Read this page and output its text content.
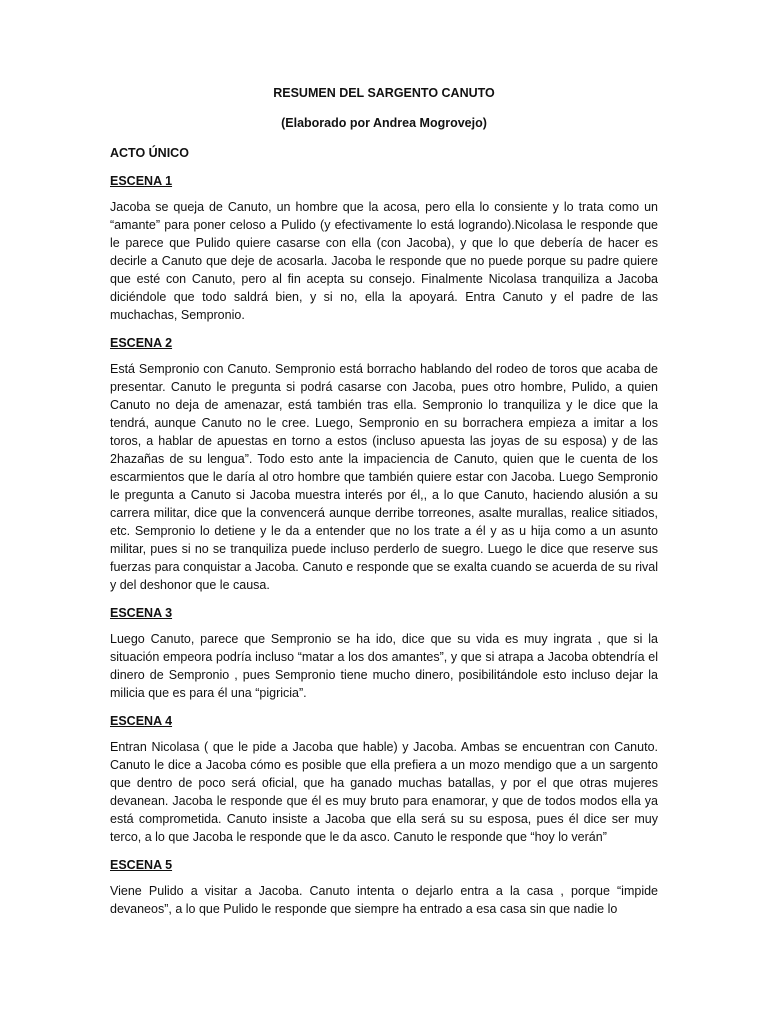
RESUMEN DEL SARGENTO CANUTO
(Elaborado por Andrea Mogrovejo)
ACTO ÚNICO
ESCENA 1
Jacoba se queja de Canuto, un hombre que la acosa, pero ella lo consiente y lo trata como un “amante” para poner celoso a Pulido (y efectivamente lo está logrando).Nicolasa le responde que le parece que Pulido quiere casarse con ella (con Jacoba), y que lo que debería de hacer es decirle a Canuto que deje de acosarla. Jacoba le responde que no puede porque su padre quiere que esté con Canuto, pero al fin acepta su consejo. Finalmente Nicolasa tranquiliza a Jacoba diciéndole que todo saldrá bien, y si no, ella la apoyará. Entra Canuto y el padre de las muchachas, Sempronio.
ESCENA 2
Está Sempronio con Canuto. Sempronio está borracho hablando del rodeo de toros que acaba de presentar. Canuto le pregunta si podrá casarse con Jacoba, pues otro hombre, Pulido, a quien Canuto no deja de amenazar, está también tras ella. Sempronio lo tranquiliza y le dice que la tendrá, aunque Canuto no le cree. Luego, Sempronio en su borrachera empieza a imitar a los toros, a hablar de apuestas en torno a estos (incluso apuesta las joyas de su esposa) y de las 2hazañas de su lengua”. Todo esto ante la impaciencia de Canuto, quien que le cuenta de los escarmientos que le daría al otro hombre que también quiere estar con Jacoba. Luego Sempronio le pregunta a Canuto si Jacoba muestra interés por él,, a lo que Canuto, haciendo alusión a su carrera militar, dice que la convencerá aunque derribe torreones, asalte murallas, realice sitiados, etc. Sempronio lo detiene y le da a entender que no los trate a él y as u hija como a un asunto militar, pues si no se tranquiliza puede incluso perderlo de suegro. Luego le dice que reserve sus fuerzas para conquistar a Jacoba. Canuto e responde que se exalta cuando se acuerda de su rival y del deshonor que le causa.
ESCENA 3
Luego Canuto, parece que Sempronio se ha ido, dice que su vida es muy ingrata , que si la situación empeora podría incluso “matar a los dos amantes”, y que si atrapa a Jacoba obtendría el dinero de Sempronio , pues Sempronio tiene mucho dinero, posibilitándole esto incluso dejar la milicia que es para él una “pigricia”.
ESCENA 4
Entran Nicolasa ( que le pide a Jacoba que hable) y Jacoba. Ambas se encuentran con Canuto. Canuto le dice a Jacoba cómo es posible que ella prefiera a un mozo mendigo que a un sargento que dentro de poco será oficial, que ha ganado muchas batallas, y por el que otras mujeres devanean. Jacoba le responde que él es muy bruto para enamorar, y que de todos modos ella ya está comprometida. Canuto insiste a Jacoba que ella será su su esposa, pues él dice ser muy terco, a lo que Jacoba le responde que le da asco. Canuto le responde que “hoy lo verán”
ESCENA 5
Viene Pulido a visitar a Jacoba. Canuto intenta o dejarlo entra a la casa , porque “impide devaneos”, a lo que Pulido le responde que siempre ha entrado a esa casa sin que nadie lo
